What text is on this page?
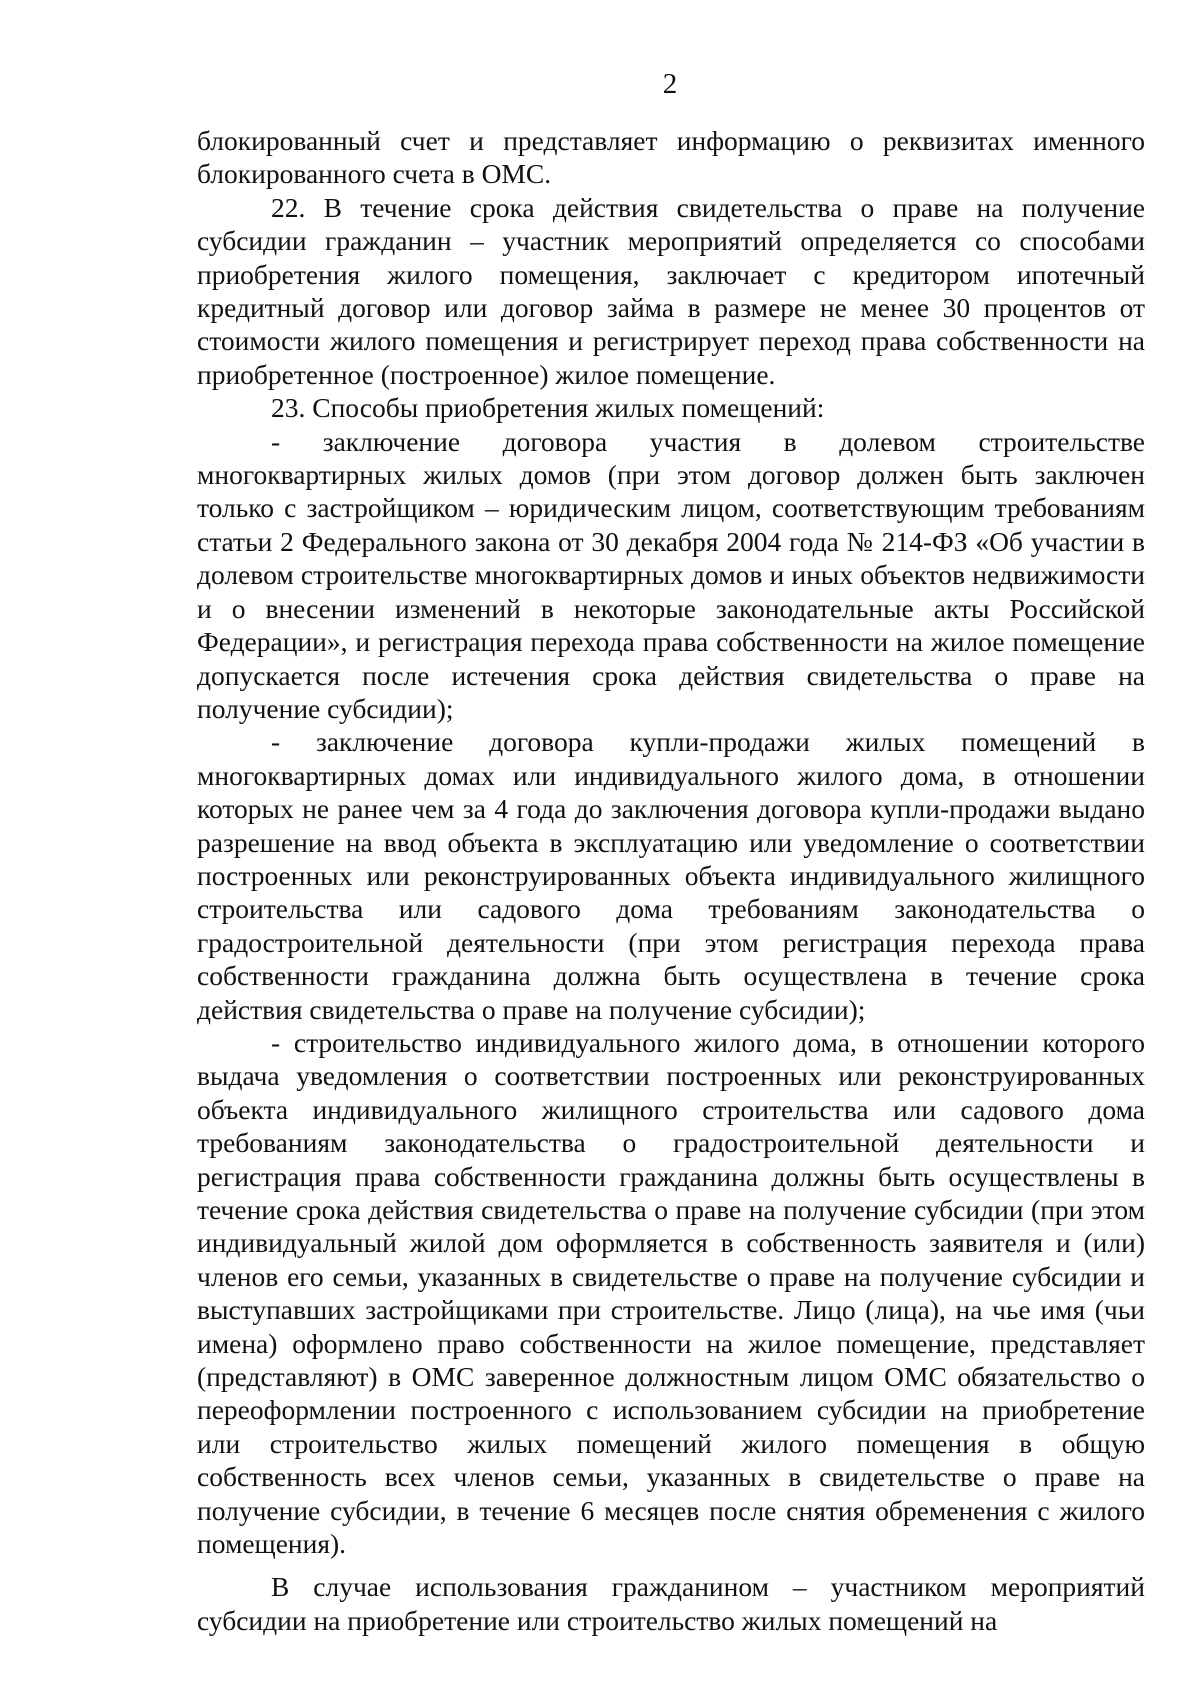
2

блокированный счет и представляет информацию о реквизитах именного блокированного счета в ОМС.

22. В течение срока действия свидетельства о праве на получение субсидии гражданин – участник мероприятий определяется со способами приобретения жилого помещения, заключает с кредитором ипотечный кредитный договор или договор займа в размере не менее 30 процентов от стоимости жилого помещения и регистрирует переход права собственности на приобретенное (построенное) жилое помещение.

23. Способы приобретения жилых помещений:

- заключение договора участия в долевом строительстве многоквартирных жилых домов (при этом договор должен быть заключен только с застройщиком – юридическим лицом, соответствующим требованиям статьи 2 Федерального закона от 30 декабря 2004 года № 214-ФЗ «Об участии в долевом строительстве многоквартирных домов и иных объектов недвижимости и о внесении изменений в некоторые законодательные акты Российской Федерации», и регистрация перехода права собственности на жилое помещение допускается после истечения срока действия свидетельства о праве на получение субсидии);

- заключение договора купли-продажи жилых помещений в многоквартирных домах или индивидуального жилого дома, в отношении которых не ранее чем за 4 года до заключения договора купли-продажи выдано разрешение на ввод объекта в эксплуатацию или уведомление о соответствии построенных или реконструированных объекта индивидуального жилищного строительства или садового дома требованиям законодательства о градостроительной деятельности (при этом регистрация перехода права собственности гражданина должна быть осуществлена в течение срока действия свидетельства о праве на получение субсидии);

- строительство индивидуального жилого дома, в отношении которого выдача уведомления о соответствии построенных или реконструированных объекта индивидуального жилищного строительства или садового дома требованиям законодательства о градостроительной деятельности и регистрация права собственности гражданина должны быть осуществлены в течение срока действия свидетельства о праве на получение субсидии (при этом индивидуальный жилой дом оформляется в собственность заявителя и (или) членов его семьи, указанных в свидетельстве о праве на получение субсидии и выступавших застройщиками при строительстве. Лицо (лица), на чье имя (чьи имена) оформлено право собственности на жилое помещение, представляет (представляют) в ОМС заверенное должностным лицом ОМС обязательство о переоформлении построенного с использованием субсидии на приобретение или строительство жилых помещений жилого помещения в общую собственность всех членов семьи, указанных в свидетельстве о праве на получение субсидии, в течение 6 месяцев после снятия обременения с жилого помещения).

В случае использования гражданином – участником мероприятий субсидии на приобретение или строительство жилых помещений на
